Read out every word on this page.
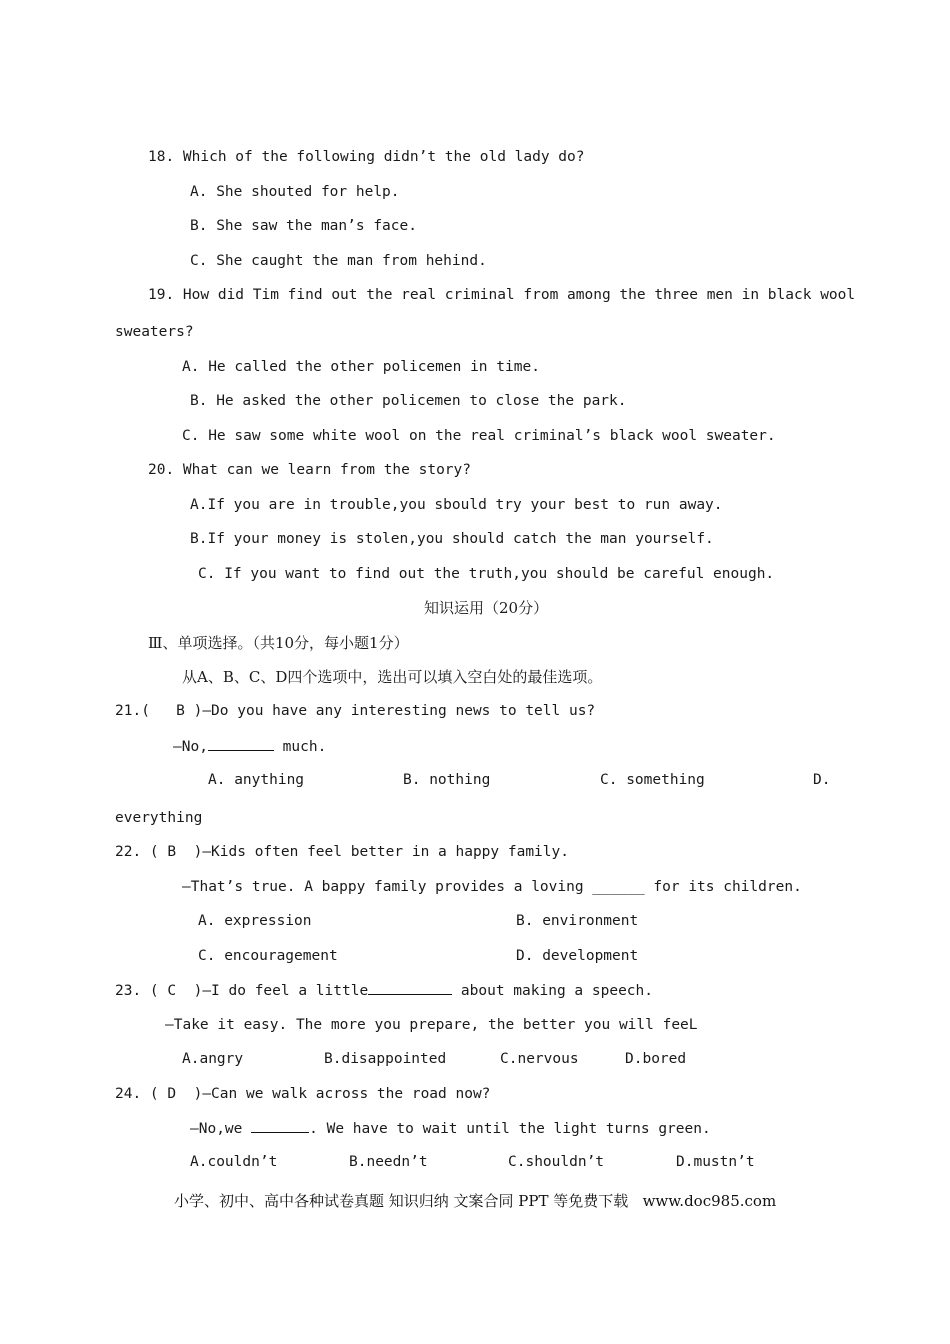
18. Which of the following didn’t the old lady do?
A. She shouted for help.
B. She saw the man’s face.
C. She caught the man from hehind.
19. How did Tim find out the real criminal from among the three men in black wool
sweaters?
A. He called the other policemen in time.
B. He asked the other policemen to close the park.
C. He saw some white wool on the real criminal’s black wool sweater.
20. What can we learn from the story?
A.If you are in trouble,you sbould try your best to run away.
B.If your money is stolen,you should catch the man yourself.
C. If you want to find out the truth,you should be careful enough.
知识运用（20分）
Ⅲ、单项选择。（共10分，每小题1分）
从A、B、C、D四个选项中，选出可以填入空白处的最佳选项。
21.( B )—Do you have any interesting news to tell us?
—No,	much.
A. anything	B. nothing	C. something	D.
everything
22. ( B )—Kids often feel better in a happy family.
—That’s true. A bappy family provides a loving ______ for its children.
A. expression	B. environment
C. encouragement	D. development
23. ( C )—I do feel a little	about making a speech.
—Take it easy. The more you prepare, the better you will feeL
A.angry	B.disappointed	C.nervous	D.bored
24. ( D )—Can we walk across the road now?
—No,we	. We have to wait until the light turns green.
A.couldn’t	B.needn’t	C.shouldn’t	D.mustn’t
小学、初中、高中各种试卷真题 知识归纳 文案合同 PPT 等免费下载   www.doc985.com
